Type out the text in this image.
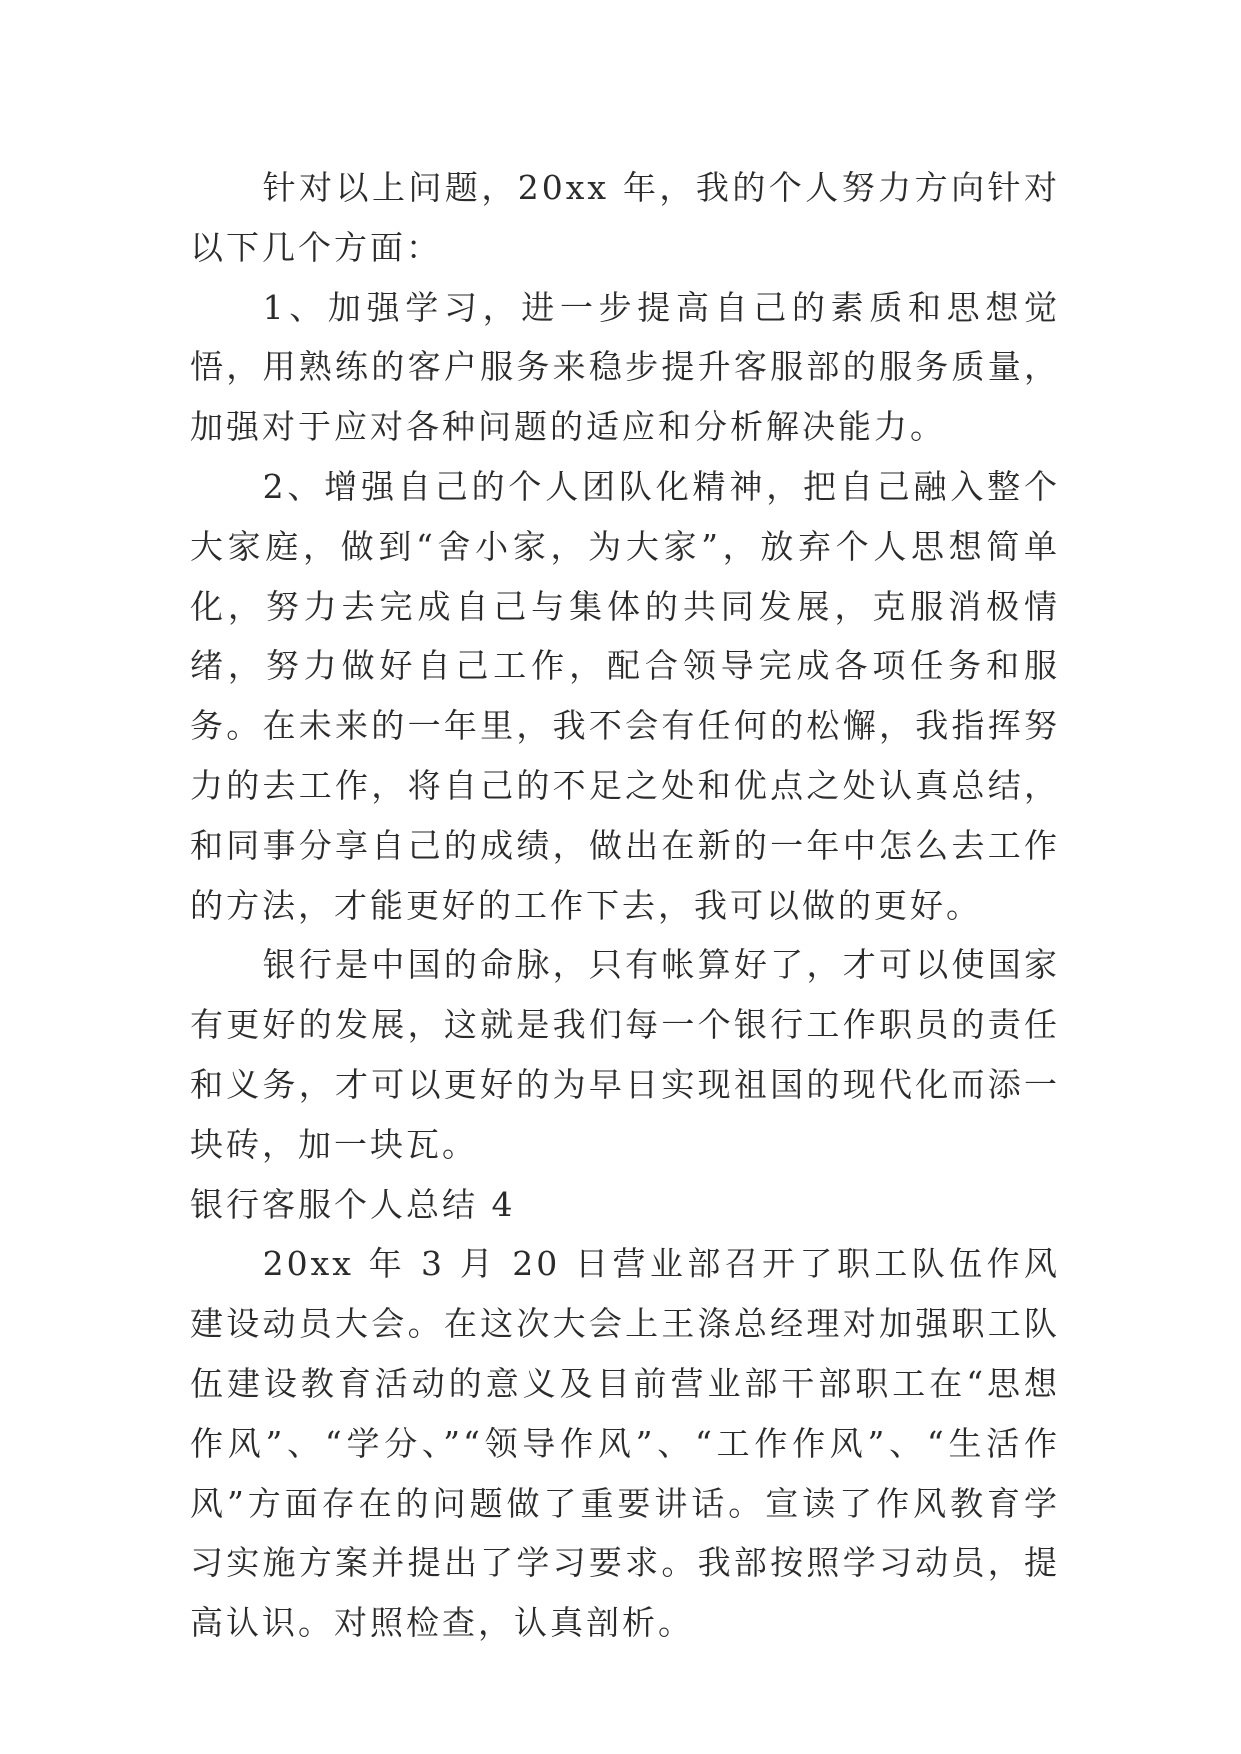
针对以上问题，20xx 年，我的个人努力方向针对以下几个方面：

1、加强学习，进一步提高自己的素质和思想觉悟，用熟练的客户服务来稳步提升客服部的服务质量，加强对于应对各种问题的适应和分析解决能力。

2、增强自己的个人团队化精神，把自己融入整个大家庭，做到“舍小家，为大家”，放弃个人思想简单化，努力去完成自己与集体的共同发展，克服消极情绪，努力做好自己工作，配合领导完成各项任务和服务。在未来的一年里，我不会有任何的松懈，我指挥努力的去工作，将自己的不足之处和优点之处认真总结，和同事分享自己的成绩，做出在新的一年中怎么去工作的方法，才能更好的工作下去，我可以做的更好。

银行是中国的命脉，只有帐算好了，才可以使国家有更好的发展，这就是我们每一个银行工作职员的责任和义务，才可以更好的为早日实现祖国的现代化而添一块砖，加一块瓦。

银行客服个人总结 4

20xx 年 3 月 20 日营业部召开了职工队伍作风建设动员大会。在这次大会上王涤总经理对加强职工队伍建设教育活动的意义及目前营业部干部职工在“思想作风”、“学分、”“领导作风”、“工作作风”、“生活作风”方面存在的问题做了重要讲话。宣读了作风教育学习实施方案并提出了学习要求。我部按照学习动员，提高认识。对照检查，认真剖析。
